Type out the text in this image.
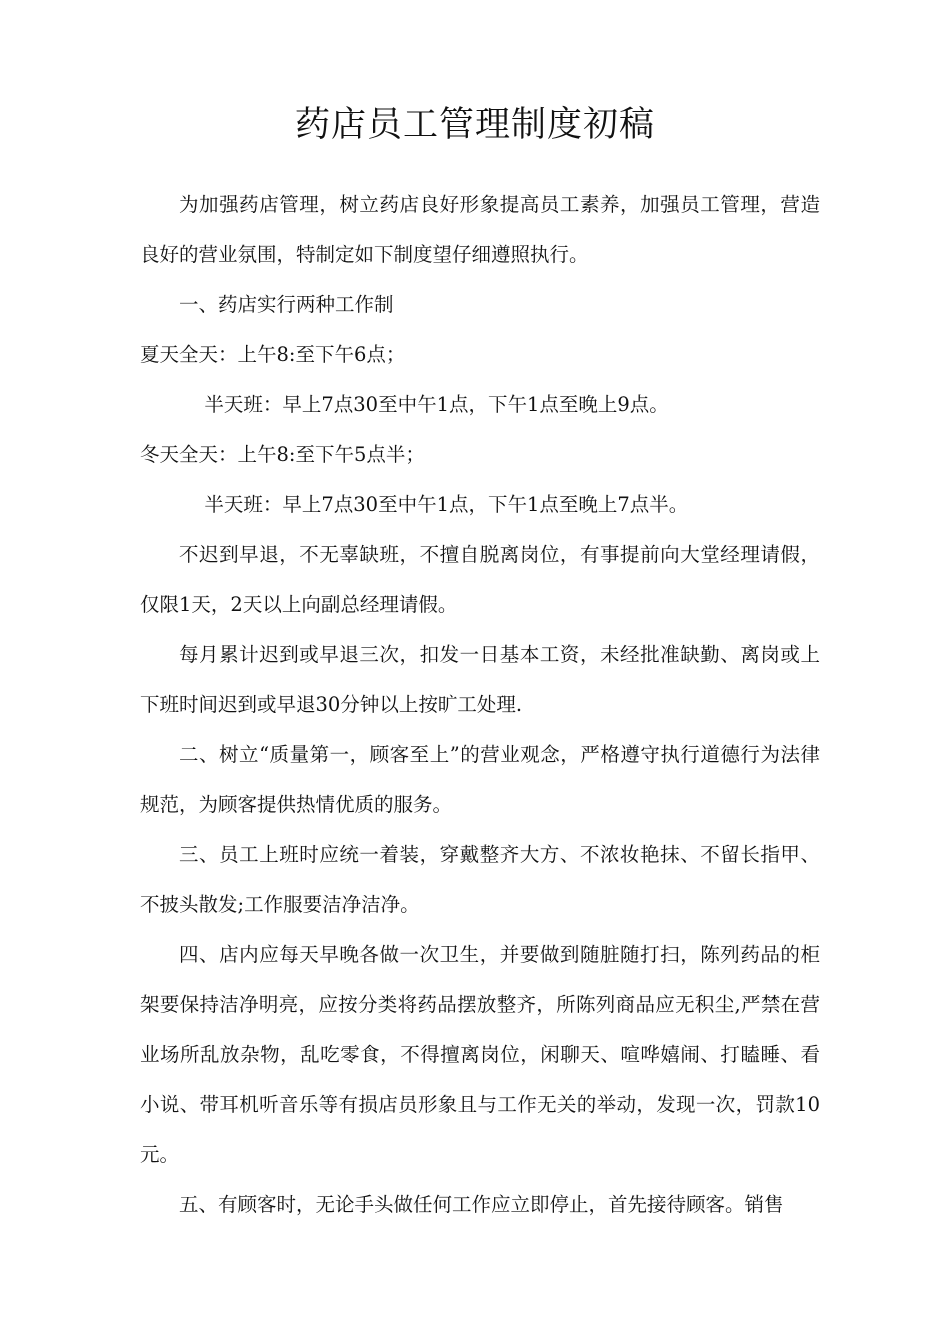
药店员工管理制度初稿

为加强药店管理，树立药店良好形象提高员工素养，加强员工管理，营造良好的营业氛围，特制定如下制度望仔细遵照执行。

一、药店实行两种工作制

夏天全天：上午8:至下午6点；

半天班：早上7点30至中午1点，下午1点至晚上9点。

冬天全天：上午8:至下午5点半；

半天班：早上7点30至中午1点，下午1点至晚上7点半。

不迟到早退，不无辜缺班，不擅自脱离岗位，有事提前向大堂经理请假，仅限1天，2天以上向副总经理请假。

每月累计迟到或早退三次，扣发一日基本工资，未经批准缺勤、离岗或上下班时间迟到或早退30分钟以上按旷工处理.

二、树立“质量第一，顾客至上”的营业观念，严格遵守执行道德行为法律规范，为顾客提供热情优质的服务。

三、员工上班时应统一着装，穿戴整齐大方、不浓妆艳抹、不留长指甲、不披头散发;工作服要洁净洁净。

四、店内应每天早晚各做一次卫生，并要做到随脏随打扫，陈列药品的柜架要保持洁净明亮，应按分类将药品摆放整齐，所陈列商品应无积尘,严禁在营业场所乱放杂物，乱吃零食，不得擅离岗位，闲聊天、喧哗嬉闹、打瞌睡、看小说、带耳机听音乐等有损店员形象且与工作无关的举动，发现一次，罚款10元。

五、有顾客时，无论手头做任何工作应立即停止，首先接待顾客。销售
